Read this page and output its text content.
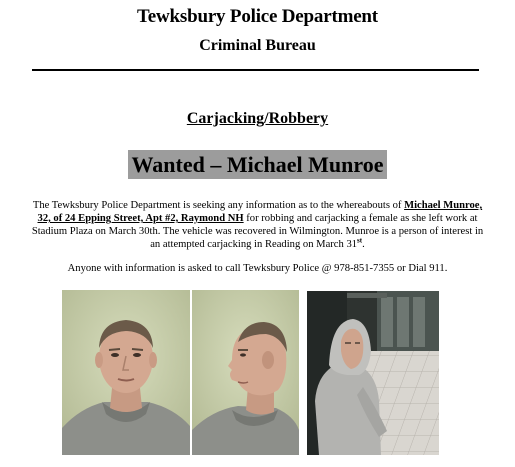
Tewksbury Police Department
Criminal Bureau
Carjacking/Robbery
Wanted – Michael Munroe
The Tewksbury Police Department is seeking any information as to the whereabouts of Michael Munroe, 32, of 24 Epping Street, Apt #2, Raymond NH for robbing and carjacking a female as she left work at Stadium Plaza on March 30th. The vehicle was recovered in Wilmington. Munroe is a person of interest in an attempted carjacking in Reading on March 31st.
Anyone with information is asked to call Tewksbury Police @ 978-851-7355 or Dial 911.
